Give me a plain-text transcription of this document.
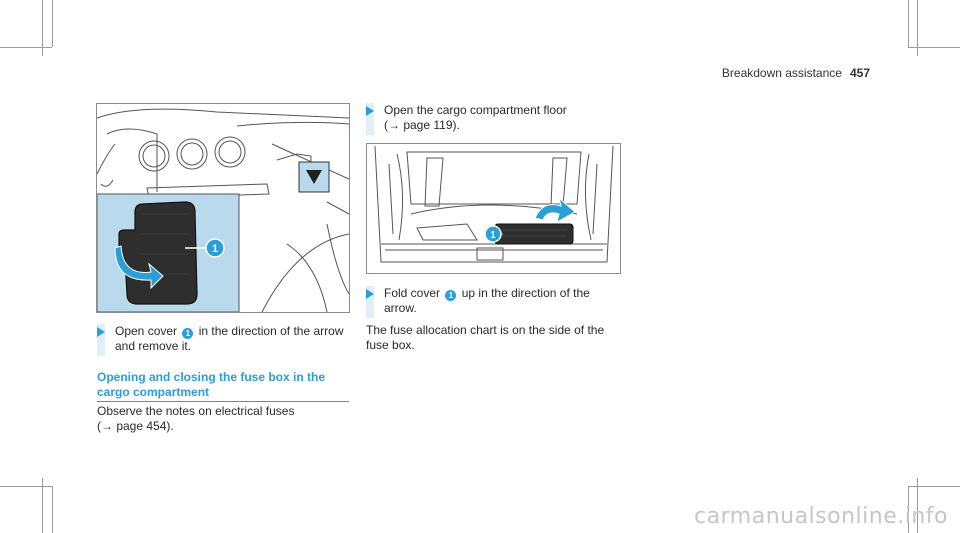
Breakdown assistance 457
1
Open cover 1 in the direction of the arrow and remove it.
Opening and closing the fuse box in the cargo compartment
Observe the notes on electrical fuses (→ page 454).
Open the cargo compartment floor (→ page 119).
1
Fold cover 1 up in the direction of the arrow.
The fuse allocation chart is on the side of the fuse box.
carmanualsonline.info
